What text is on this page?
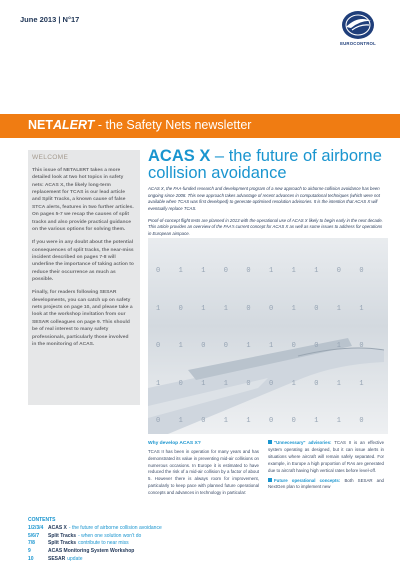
June 2013 | N°17
EUROCONTROL
NETALERT - the Safety Nets newsletter
WELCOME

This issue of NETALERT takes a more detailed look at two hot topics in safety nets: ACAS X, the likely long-term replacement for TCAS is our lead article and Split Tracks, a known cause of false STCA alerts, features in two further articles. On pages 5-7 we recap the causes of split tracks and also provide practical guidance on the various options for solving them.

If you were in any doubt about the potential consequences of split tracks, the near-miss incident described on pages 7-8 will underline the importance of taking action to reduce their occurrence as much as possible.

Finally, for readers following SESAR developments, you can catch up on safety nets projects on page 10, and please take a look at the workshop invitation from our SESAR colleagues on page 9. This should be of real interest to many safety professionals, particularly those involved in the monitoring of ACAS.

ACAS X – the future of airborne collision avoidance

ACAS X, the FAA-funded research and development program of a new approach to airborne collision avoidance has been ongoing since 2008. This new approach takes advantage of recent advances in computational techniques (which were not available when TCAS was first developed) to generate optimised resolution advisories. It is the intention that ACAS X will eventually replace TCAS.

Proof-of-concept flight tests are planned in 2013 with the operational use of ACAS X likely to begin early in the next decade. This article provides an overview of the FAA's current concept for ACAS X as well as some issues to address for operations in European airspace.

0 1 1 0 0 1 1 1 0 0

1 0 1 1 0 0 1 0 1 1

0 1 0 0 1 1 0 0 1 0

1 0 1 1 0 0 1 0 1 1

0 1 0 1 1 0 0 1 1 0

Why develop ACAS X?

TCAS II has been in operation for many years and has demonstrated its value in preventing mid-air collisions on numerous occasions. In Europe it is estimated to have reduced the risk of a mid-air collision by a factor of about 5. However there is always room for improvement, particularly to keep pace with planned future operational concepts and advances in technology in particular:

"Unnecessary" advisories: TCAS II is an effective system operating as designed, but it can issue alerts in situations where aircraft will remain safely separated. For example, in Europe a high proportion of RAs are generated due to aircraft having high vertical rates before level-off.

Future operational concepts: Both SESAR and NextGen plan to implement new

CONTENTS
1/2/3/4 ACAS X - the future of airborne collision avoidance
5/6/7	Split Tracks - when one solution won't do
7/8	Split Tracks contribute to near miss
9	ACAS Monitoring System Workshop
10	SESAR update
